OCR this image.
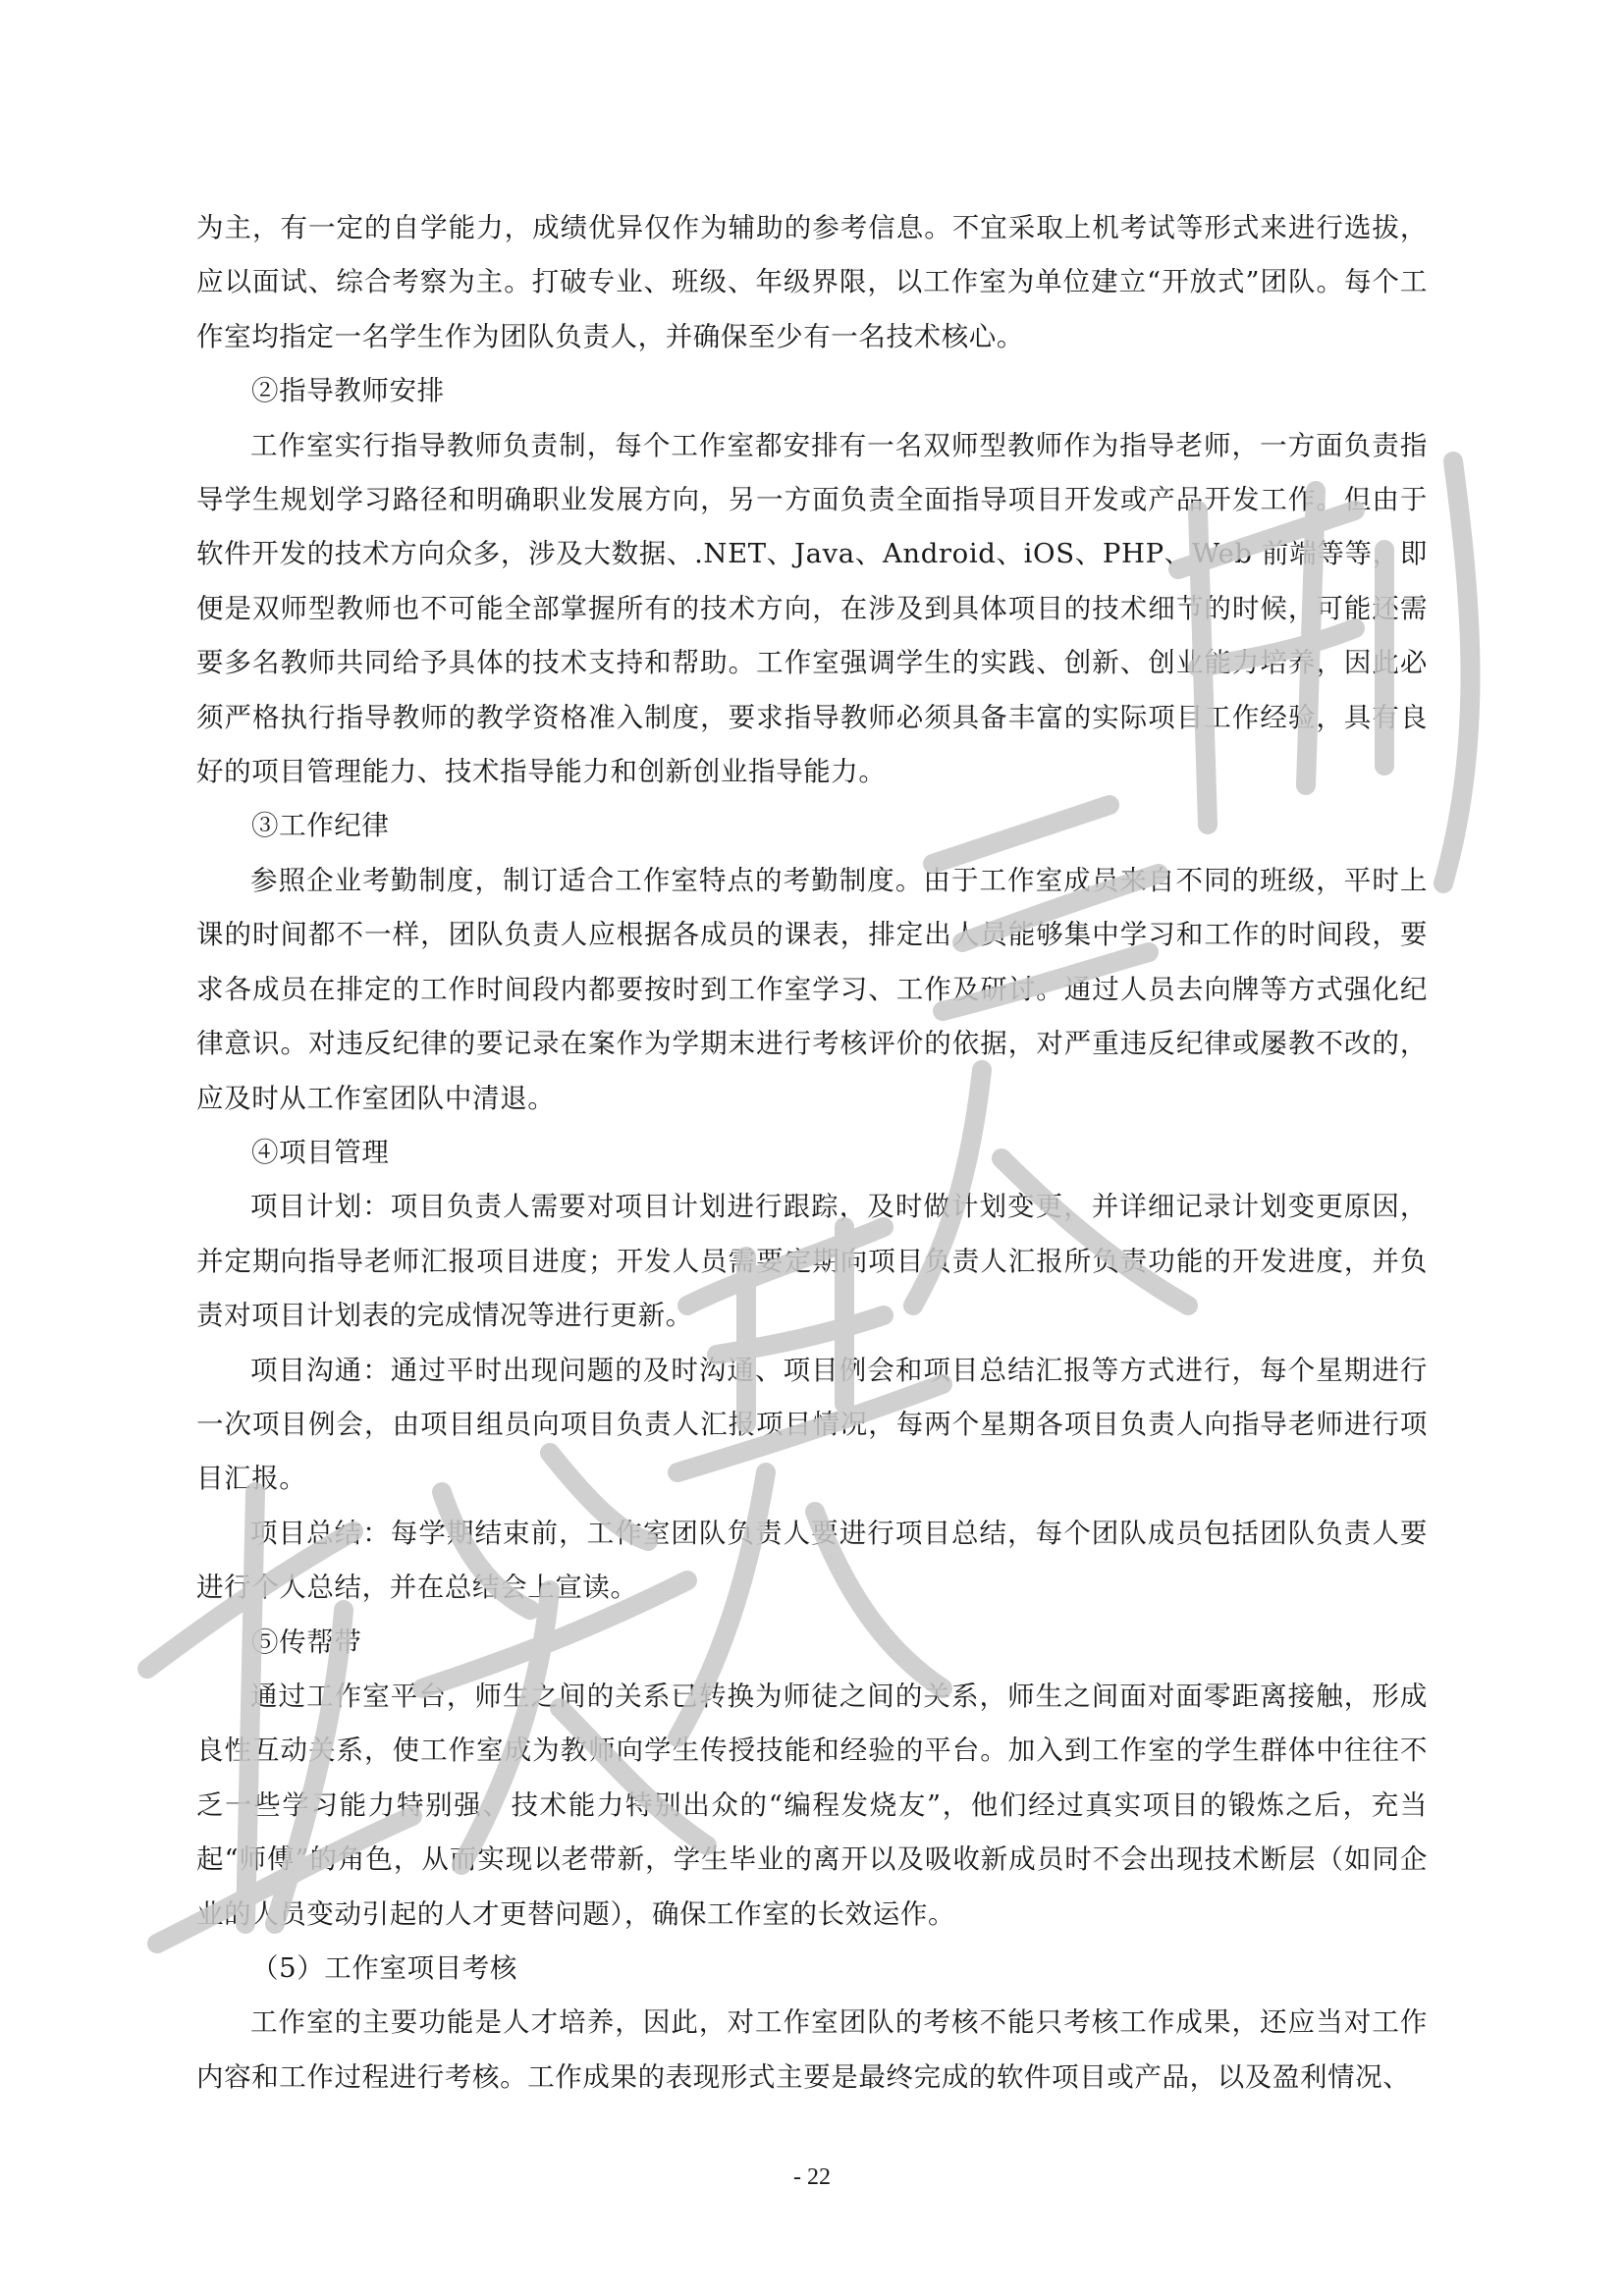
为主，有一定的自学能力，成绩优异仅作为辅助的参考信息。不宜采取上机考试等形式来进行选拔，应以面试、综合考察为主。打破专业、班级、年级界限，以工作室为单位建立“开放式”团队。每个工作室均指定一名学生作为团队负责人，并确保至少有一名技术核心。

②指导教师安排

工作室实行指导教师负责制，每个工作室都安排有一名双师型教师作为指导老师，一方面负责指导学生规划学习路径和明确职业发展方向，另一方面负责全面指导项目开发或产品开发工作。但由于软件开发的技术方向众多，涉及大数据、.NET、Java、Android、iOS、PHP、Web 前端等等，即便是双师型教师也不可能全部掌握所有的技术方向，在涉及到具体项目的技术细节的时候，可能还需要多名教师共同给予具体的技术支持和帮助。工作室强调学生的实践、创新、创业能力培养，因此必须严格执行指导教师的教学资格准入制度，要求指导教师必须具备丰富的实际项目工作经验，具有良好的项目管理能力、技术指导能力和创新创业指导能力。

③工作纪律

参照企业考勤制度，制订适合工作室特点的考勤制度。由于工作室成员来自不同的班级，平时上课的时间都不一样，团队负责人应根据各成员的课表，排定出人员能够集中学习和工作的时间段，要求各成员在排定的工作时间段内都要按时到工作室学习、工作及研讨。通过人员去向牌等方式强化纪律意识。对违反纪律的要记录在案作为学期末进行考核评价的依据，对严重违反纪律或屡教不改的，应及时从工作室团队中清退。

④项目管理

项目计划：项目负责人需要对项目计划进行跟踪，及时做计划变更，并详细记录计划变更原因，并定期向指导老师汇报项目进度；开发人员需要定期向项目负责人汇报所负责功能的开发进度，并负责对项目计划表的完成情况等进行更新。

项目沟通：通过平时出现问题的及时沟通、项目例会和项目总结汇报等方式进行，每个星期进行一次项目例会，由项目组员向项目负责人汇报项目情况，每两个星期各项目负责人向指导老师进行项目汇报。

项目总结：每学期结束前，工作室团队负责人要进行项目总结，每个团队成员包括团队负责人要进行个人总结，并在总结会上宣读。

⑤传帮带

通过工作室平台，师生之间的关系已转换为师徒之间的关系，师生之间面对面零距离接触，形成良性互动关系，使工作室成为教师向学生传授技能和经验的平台。加入到工作室的学生群体中往往不乏一些学习能力特别强、技术能力特别出众的“编程发烧友”，他们经过真实项目的锻炼之后，充当起“师傅”的角色，从而实现以老带新，学生毕业的离开以及吸收新成员时不会出现技术断层（如同企业的人员变动引起的人才更替问题），确保工作室的长效运作。

（5）工作室项目考核

工作室的主要功能是人才培养，因此，对工作室团队的考核不能只考核工作成果，还应当对工作内容和工作过程进行考核。工作成果的表现形式主要是最终完成的软件项目或产品，以及盈利情况、

- 22
